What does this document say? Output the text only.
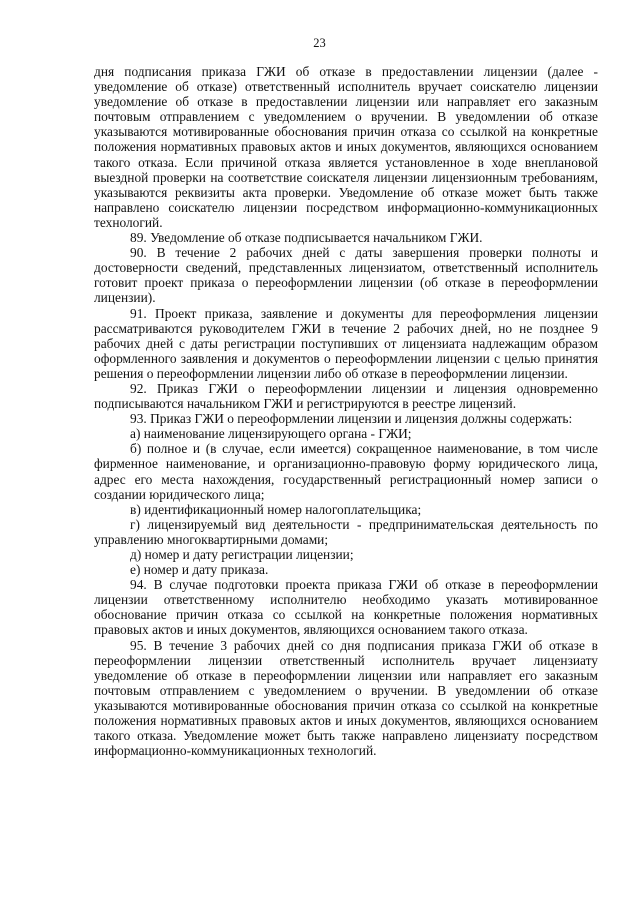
23

дня подписания приказа ГЖИ об отказе в предоставлении лицензии (далее - уведомление об отказе) ответственный исполнитель вручает соискателю лицензии уведомление об отказе в предоставлении лицензии или направляет его заказным почтовым отправлением с уведомлением о вручении. В уведомлении об отказе указываются мотивированные обоснования причин отказа со ссылкой на конкретные положения нормативных правовых актов и иных документов, являющихся основанием такого отказа. Если причиной отказа является установленное в ходе внеплановой выездной проверки на соответствие соискателя лицензии лицензионным требованиям, указываются реквизиты акта проверки. Уведомление об отказе может быть также направлено соискателю лицензии посредством информационно-коммуникационных технологий.

89. Уведомление об отказе подписывается начальником ГЖИ.

90. В течение 2 рабочих дней с даты завершения проверки полноты и достоверности сведений, представленных лицензиатом, ответственный исполнитель готовит проект приказа о переоформлении лицензии (об отказе в переоформлении лицензии).

91. Проект приказа, заявление и документы для переоформления лицензии рассматриваются руководителем ГЖИ в течение 2 рабочих дней, но не позднее 9 рабочих дней с даты регистрации поступивших от лицензиата надлежащим образом оформленного заявления и документов о переоформлении лицензии с целью принятия решения о переоформлении лицензии либо об отказе в переоформлении лицензии.

92. Приказ ГЖИ о переоформлении лицензии и лицензия одновременно подписываются начальником ГЖИ и регистрируются в реестре лицензий.

93. Приказ ГЖИ о переоформлении лицензии и лицензия должны содержать:

а) наименование лицензирующего органа - ГЖИ;

б) полное и (в случае, если имеется) сокращенное наименование, в том числе фирменное наименование, и организационно-правовую форму юридического лица, адрес его места нахождения, государственный регистрационный номер записи о создании юридического лица;

в) идентификационный номер налогоплательщика;

г) лицензируемый вид деятельности - предпринимательская деятельность по управлению многоквартирными домами;

д) номер и дату регистрации лицензии;

е) номер и дату приказа.

94. В случае подготовки проекта приказа ГЖИ об отказе в переоформлении лицензии ответственному исполнителю необходимо указать мотивированное обоснование причин отказа со ссылкой на конкретные положения нормативных правовых актов и иных документов, являющихся основанием такого отказа.

95. В течение 3 рабочих дней со дня подписания приказа ГЖИ об отказе в переоформлении лицензии ответственный исполнитель вручает лицензиату уведомление об отказе в переоформлении лицензии или направляет его заказным почтовым отправлением с уведомлением о вручении. В уведомлении об отказе указываются мотивированные обоснования причин отказа со ссылкой на конкретные положения нормативных правовых актов и иных документов, являющихся основанием такого отказа. Уведомление может быть также направлено лицензиату посредством информационно-коммуникационных технологий.
